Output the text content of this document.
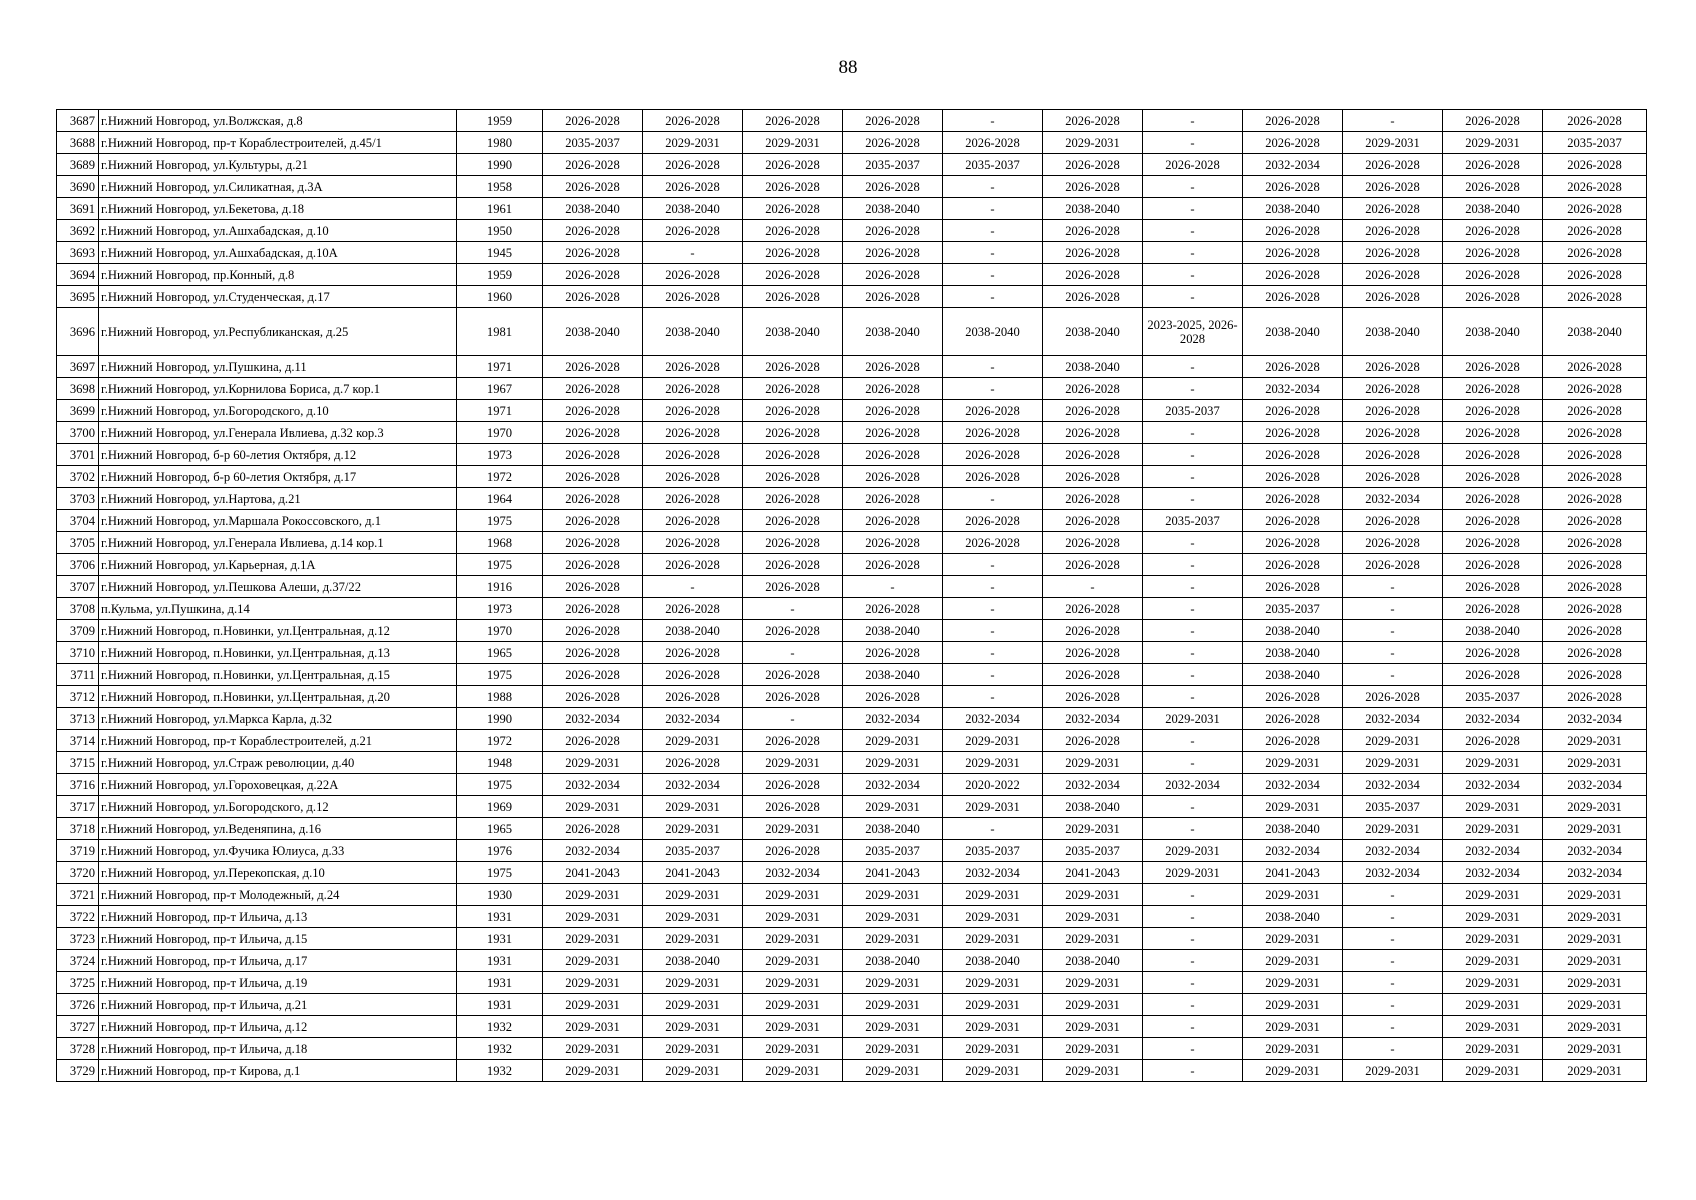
88
3687	г.Нижний Новгород, ул.Волжская, д.8	1959	2026-2028	2026-2028	2026-2028	2026-2028	-	2026-2028	-	2026-2028	-	2026-2028	2026-2028
3688	г.Нижний Новгород, пр-т Кораблестроителей, д.45/1	1980	2035-2037	2029-2031	2029-2031	2026-2028	2026-2028	2029-2031	-	2026-2028	2029-2031	2029-2031	2035-2037
3689	г.Нижний Новгород, ул.Культуры, д.21	1990	2026-2028	2026-2028	2026-2028	2035-2037	2035-2037	2026-2028	2026-2028	2032-2034	2026-2028	2026-2028	2026-2028
3690	г.Нижний Новгород, ул.Силикатная, д.3А	1958	2026-2028	2026-2028	2026-2028	2026-2028	-	2026-2028	-	2026-2028	2026-2028	2026-2028	2026-2028
3691	г.Нижний Новгород, ул.Бекетова, д.18	1961	2038-2040	2038-2040	2026-2028	2038-2040	-	2038-2040	-	2038-2040	2026-2028	2038-2040	2026-2028
3692	г.Нижний Новгород, ул.Ашхабадская, д.10	1950	2026-2028	2026-2028	2026-2028	2026-2028	-	2026-2028	-	2026-2028	2026-2028	2026-2028	2026-2028
3693	г.Нижний Новгород, ул.Ашхабадская, д.10А	1945	2026-2028	-	2026-2028	2026-2028	-	2026-2028	-	2026-2028	2026-2028	2026-2028	2026-2028
3694	г.Нижний Новгород, пр.Конный, д.8	1959	2026-2028	2026-2028	2026-2028	2026-2028	-	2026-2028	-	2026-2028	2026-2028	2026-2028	2026-2028
3695	г.Нижний Новгород, ул.Студенческая, д.17	1960	2026-2028	2026-2028	2026-2028	2026-2028	-	2026-2028	-	2026-2028	2026-2028	2026-2028	2026-2028
3696	г.Нижний Новгород, ул.Республиканская, д.25	1981	2038-2040	2038-2040	2038-2040	2038-2040	2038-2040	2038-2040	2023-2025, 2026-2028	2038-2040	2038-2040	2038-2040	2038-2040
3697	г.Нижний Новгород, ул.Пушкина, д.11	1971	2026-2028	2026-2028	2026-2028	2026-2028	-	2038-2040	-	2026-2028	2026-2028	2026-2028	2026-2028
3698	г.Нижний Новгород, ул.Корнилова Бориса, д.7 кор.1	1967	2026-2028	2026-2028	2026-2028	2026-2028	-	2026-2028	-	2032-2034	2026-2028	2026-2028	2026-2028
3699	г.Нижний Новгород, ул.Богородского, д.10	1971	2026-2028	2026-2028	2026-2028	2026-2028	2026-2028	2026-2028	2035-2037	2026-2028	2026-2028	2026-2028	2026-2028
3700	г.Нижний Новгород, ул.Генерала Ивлиева, д.32 кор.3	1970	2026-2028	2026-2028	2026-2028	2026-2028	2026-2028	2026-2028	-	2026-2028	2026-2028	2026-2028	2026-2028
3701	г.Нижний Новгород, б-р 60-летия Октября, д.12	1973	2026-2028	2026-2028	2026-2028	2026-2028	2026-2028	2026-2028	-	2026-2028	2026-2028	2026-2028	2026-2028
3702	г.Нижний Новгород, б-р 60-летия Октября, д.17	1972	2026-2028	2026-2028	2026-2028	2026-2028	2026-2028	2026-2028	-	2026-2028	2026-2028	2026-2028	2026-2028
3703	г.Нижний Новгород, ул.Нартова, д.21	1964	2026-2028	2026-2028	2026-2028	2026-2028	-	2026-2028	-	2026-2028	2032-2034	2026-2028	2026-2028
3704	г.Нижний Новгород, ул.Маршала Рокоссовского, д.1	1975	2026-2028	2026-2028	2026-2028	2026-2028	2026-2028	2026-2028	2035-2037	2026-2028	2026-2028	2026-2028	2026-2028
3705	г.Нижний Новгород, ул.Генерала Ивлиева, д.14 кор.1	1968	2026-2028	2026-2028	2026-2028	2026-2028	2026-2028	2026-2028	-	2026-2028	2026-2028	2026-2028	2026-2028
3706	г.Нижний Новгород, ул.Карьерная, д.1А	1975	2026-2028	2026-2028	2026-2028	2026-2028	-	2026-2028	-	2026-2028	2026-2028	2026-2028	2026-2028
3707	г.Нижний Новгород, ул.Пешкова Алеши, д.37/22	1916	2026-2028	-	2026-2028	-	-	-	-	2026-2028	-	2026-2028	2026-2028
3708	п.Кульма, ул.Пушкина, д.14	1973	2026-2028	2026-2028	-	2026-2028	-	2026-2028	-	2035-2037	-	2026-2028	2026-2028
3709	г.Нижний Новгород, п.Новинки, ул.Центральная, д.12	1970	2026-2028	2038-2040	2026-2028	2038-2040	-	2026-2028	-	2038-2040	-	2038-2040	2026-2028
3710	г.Нижний Новгород, п.Новинки, ул.Центральная, д.13	1965	2026-2028	2026-2028	-	2026-2028	-	2026-2028	-	2038-2040	-	2026-2028	2026-2028
3711	г.Нижний Новгород, п.Новинки, ул.Центральная, д.15	1975	2026-2028	2026-2028	2026-2028	2038-2040	-	2026-2028	-	2038-2040	-	2026-2028	2026-2028
3712	г.Нижний Новгород, п.Новинки, ул.Центральная, д.20	1988	2026-2028	2026-2028	2026-2028	2026-2028	-	2026-2028	-	2026-2028	2026-2028	2035-2037	2026-2028
3713	г.Нижний Новгород, ул.Маркса Карла, д.32	1990	2032-2034	2032-2034	-	2032-2034	2032-2034	2032-2034	2029-2031	2026-2028	2032-2034	2032-2034	2032-2034
3714	г.Нижний Новгород, пр-т Кораблестроителей, д.21	1972	2026-2028	2029-2031	2026-2028	2029-2031	2029-2031	2026-2028	-	2026-2028	2029-2031	2026-2028	2029-2031
3715	г.Нижний Новгород, ул.Страж революции, д.40	1948	2029-2031	2026-2028	2029-2031	2029-2031	2029-2031	2029-2031	-	2029-2031	2029-2031	2029-2031	2029-2031
3716	г.Нижний Новгород, ул.Гороховецкая, д.22А	1975	2032-2034	2032-2034	2026-2028	2032-2034	2020-2022	2032-2034	2032-2034	2032-2034	2032-2034	2032-2034	2032-2034
3717	г.Нижний Новгород, ул.Богородского, д.12	1969	2029-2031	2029-2031	2026-2028	2029-2031	2029-2031	2038-2040	-	2029-2031	2035-2037	2029-2031	2029-2031
3718	г.Нижний Новгород, ул.Веденяпина, д.16	1965	2026-2028	2029-2031	2029-2031	2038-2040	-	2029-2031	-	2038-2040	2029-2031	2029-2031	2029-2031
3719	г.Нижний Новгород, ул.Фучика Юлиуса, д.33	1976	2032-2034	2035-2037	2026-2028	2035-2037	2035-2037	2035-2037	2029-2031	2032-2034	2032-2034	2032-2034	2032-2034
3720	г.Нижний Новгород, ул.Перекопская, д.10	1975	2041-2043	2041-2043	2032-2034	2041-2043	2032-2034	2041-2043	2029-2031	2041-2043	2032-2034	2032-2034	2032-2034
3721	г.Нижний Новгород, пр-т Молодежный, д.24	1930	2029-2031	2029-2031	2029-2031	2029-2031	2029-2031	2029-2031	-	2029-2031	-	2029-2031	2029-2031
3722	г.Нижний Новгород, пр-т Ильича, д.13	1931	2029-2031	2029-2031	2029-2031	2029-2031	2029-2031	2029-2031	-	2038-2040	-	2029-2031	2029-2031
3723	г.Нижний Новгород, пр-т Ильича, д.15	1931	2029-2031	2029-2031	2029-2031	2029-2031	2029-2031	2029-2031	-	2029-2031	-	2029-2031	2029-2031
3724	г.Нижний Новгород, пр-т Ильича, д.17	1931	2029-2031	2038-2040	2029-2031	2038-2040	2038-2040	2038-2040	-	2029-2031	-	2029-2031	2029-2031
3725	г.Нижний Новгород, пр-т Ильича, д.19	1931	2029-2031	2029-2031	2029-2031	2029-2031	2029-2031	2029-2031	-	2029-2031	-	2029-2031	2029-2031
3726	г.Нижний Новгород, пр-т Ильича, д.21	1931	2029-2031	2029-2031	2029-2031	2029-2031	2029-2031	2029-2031	-	2029-2031	-	2029-2031	2029-2031
3727	г.Нижний Новгород, пр-т Ильича, д.12	1932	2029-2031	2029-2031	2029-2031	2029-2031	2029-2031	2029-2031	-	2029-2031	-	2029-2031	2029-2031
3728	г.Нижний Новгород, пр-т Ильича, д.18	1932	2029-2031	2029-2031	2029-2031	2029-2031	2029-2031	2029-2031	-	2029-2031	-	2029-2031	2029-2031
3729	г.Нижний Новгород, пр-т Кирова, д.1	1932	2029-2031	2029-2031	2029-2031	2029-2031	2029-2031	2029-2031	-	2029-2031	2029-2031	2029-2031	2029-2031
